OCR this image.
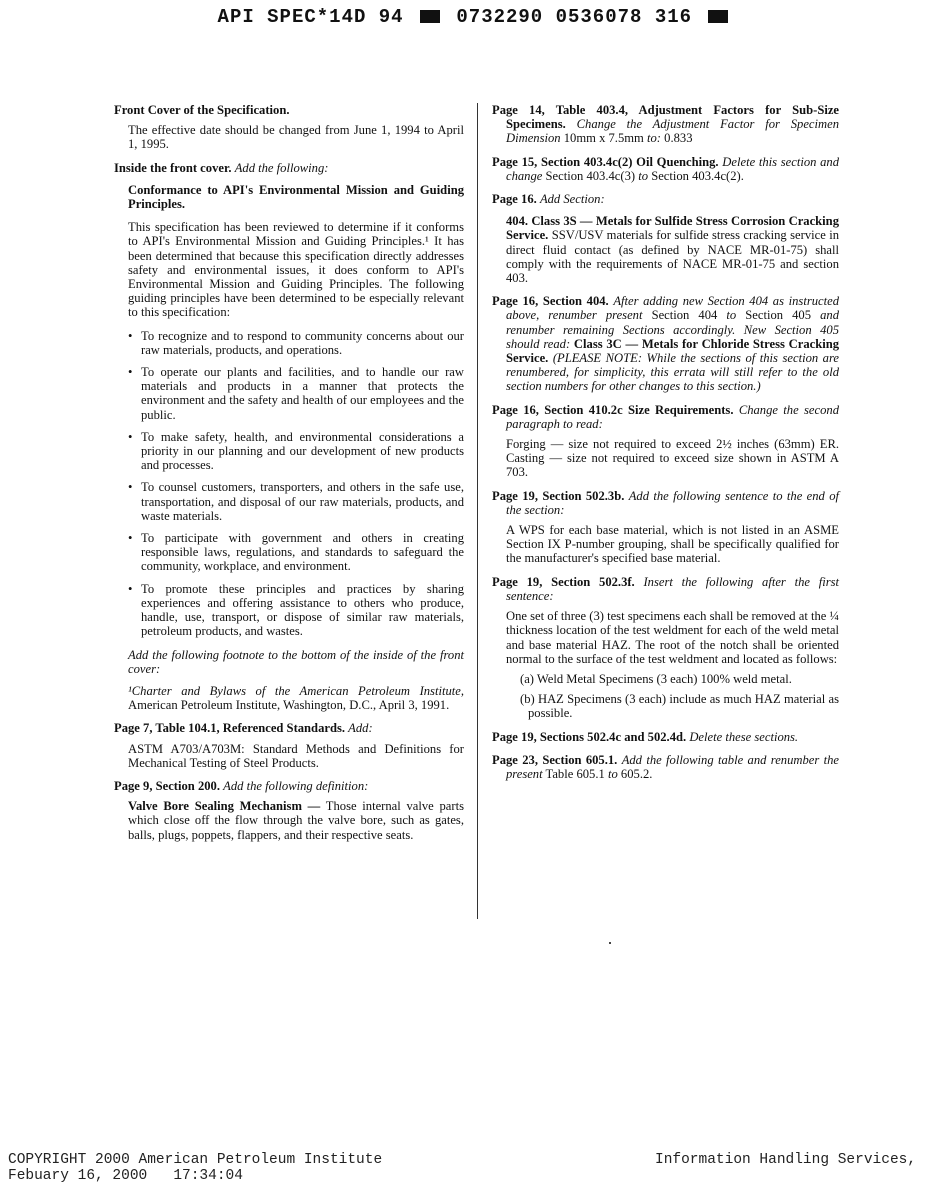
API SPEC*14D 94	0732290 0536078 316

Front Cover of the Specification.

The effective date should be changed from June 1, 1994 to April 1, 1995.

Inside the front cover. Add the following:

Conformance to API's Environmental Mission and Guiding Principles.

This specification has been reviewed to determine if it conforms to API's Environmental Mission and Guiding Principles.¹ It has been determined that because this specification directly addresses safety and environmental issues, it does conform to API's Environmental Mission and Guiding Principles. The following guiding principles have been determined to be especially relevant to this specification:

• To recognize and to respond to community concerns about our raw materials, products, and operations.
• To operate our plants and facilities, and to handle our raw materials and products in a manner that protects the environment and the safety and health of our employees and the public.
• To make safety, health, and environmental considerations a priority in our planning and our development of new products and processes.
• To counsel customers, transporters, and others in the safe use, transportation, and disposal of our raw materials, products, and waste materials.
• To participate with government and others in creating responsible laws, regulations, and standards to safeguard the community, workplace, and environment.
• To promote these principles and practices by sharing experiences and offering assistance to others who produce, handle, use, transport, or dispose of similar raw materials, petroleum products, and wastes.

Add the following footnote to the bottom of the inside of the front cover:

¹Charter and Bylaws of the American Petroleum Institute, American Petroleum Institute, Washington, D.C., April 3, 1991.

Page 7, Table 104.1, Referenced Standards. Add:

ASTM A703/A703M: Standard Methods and Definitions for Mechanical Testing of Steel Products.

Page 9, Section 200. Add the following definition:

Valve Bore Sealing Mechanism — Those internal valve parts which close off the flow through the valve bore, such as gates, balls, plugs, poppets, flappers, and their respective seats.

Page 14, Table 403.4, Adjustment Factors for Sub-Size Specimens. Change the Adjustment Factor for Specimen Dimension 10mm x 7.5mm to: 0.833

Page 15, Section 403.4c(2) Oil Quenching. Delete this section and change Section 403.4c(3) to Section 403.4c(2).

Page 16. Add Section:

404. Class 3S — Metals for Sulfide Stress Corrosion Cracking Service. SSV/USV materials for sulfide stress cracking service in direct fluid contact (as defined by NACE MR-01-75) shall comply with the requirements of NACE MR-01-75 and section 403.

Page 16, Section 404. After adding new Section 404 as instructed above, renumber present Section 404 to Section 405 and renumber remaining Sections accordingly. New Section 405 should read: Class 3C — Metals for Chloride Stress Cracking Service. (PLEASE NOTE: While the sections of this section are renumbered, for simplicity, this errata will still refer to the old section numbers for other changes to this section.)

Page 16, Section 410.2c Size Requirements. Change the second paragraph to read:

Forging — size not required to exceed 2½ inches (63mm) ER. Casting — size not required to exceed size shown in ASTM A 703.

Page 19, Section 502.3b. Add the following sentence to the end of the section:

A WPS for each base material, which is not listed in an ASME Section IX P-number grouping, shall be specifically qualified for the manufacturer's specified base material.

Page 19, Section 502.3f. Insert the following after the first sentence:

One set of three (3) test specimens each shall be removed at the ¼ thickness location of the test weldment for each of the weld metal and base material HAZ. The root of the notch shall be oriented normal to the surface of the test weldment and located as follows:

(a) Weld Metal Specimens (3 each) 100% weld metal.

(b) HAZ Specimens (3 each) include as much HAZ material as possible.

Page 19, Sections 502.4c and 502.4d. Delete these sections.

Page 23, Section 605.1. Add the following table and renumber the present Table 605.1 to 605.2.

COPYRIGHT 2000 American Petroleum Institute
Febuary 16, 2000   17:34:04
Information Handling Services,
